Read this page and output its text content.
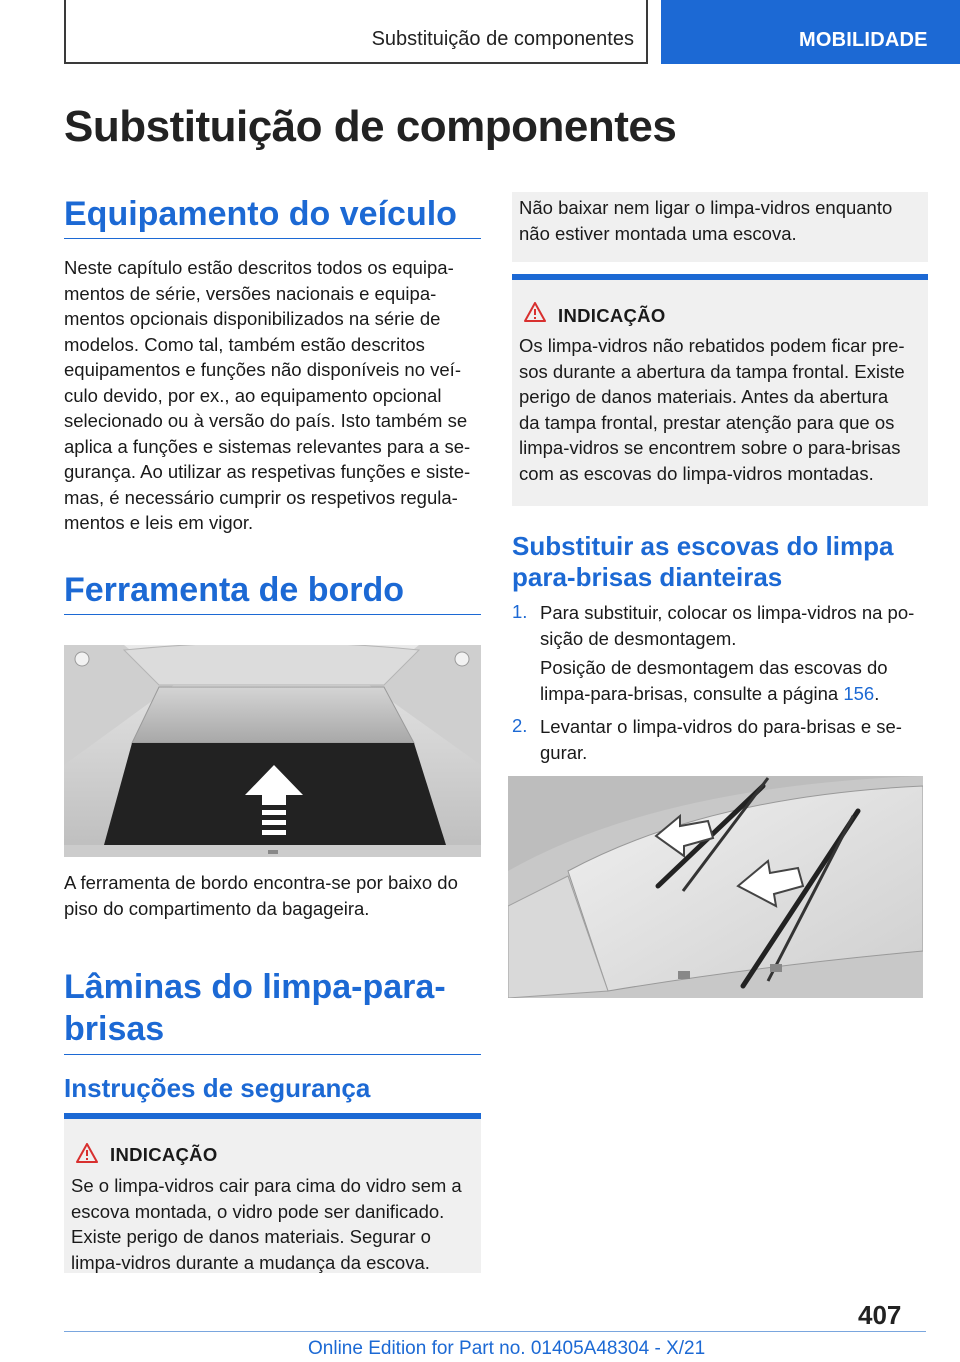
Substituição de componentes	MOBILIDADE
Substituição de componentes
Equipamento do veículo
Neste capítulo estão descritos todos os equipa-
mentos de série, versões nacionais e equipa-
mentos opcionais disponibilizados na série de
modelos. Como tal, também estão descritos
equipamentos e funções não disponíveis no veí-
culo devido, por ex., ao equipamento opcional
selecionado ou à versão do país. Isto também se
aplica a funções e sistemas relevantes para a se-
gurança. Ao utilizar as respetivas funções e siste-
mas, é necessário cumprir os respetivos regula-
mentos e leis em vigor.
Ferramenta de bordo
A ferramenta de bordo encontra-se por baixo do
piso do compartimento da bagageira.
Lâminas do limpa-para-
brisas
Instruções de segurança
INDICAÇÃO
Se o limpa-vidros cair para cima do vidro sem a
escova montada, o vidro pode ser danificado.
Existe perigo de danos materiais. Segurar o
limpa-vidros durante a mudança da escova.
Não baixar nem ligar o limpa-vidros enquanto
não estiver montada uma escova.
INDICAÇÃO
Os limpa-vidros não rebatidos podem ficar pre-
sos durante a abertura da tampa frontal. Existe
perigo de danos materiais. Antes da abertura
da tampa frontal, prestar atenção para que os
limpa-vidros se encontrem sobre o para-brisas
com as escovas do limpa-vidros montadas.
Substituir as escovas do limpa
para-brisas dianteiras
1. Para substituir, colocar os limpa-vidros na po-
sição de desmontagem.
Posição de desmontagem das escovas do
limpa-para-brisas, consulte a página 156.
2. Levantar o limpa-vidros do para-brisas e se-
gurar.
407
Online Edition for Part no. 01405A48304 - X/21
